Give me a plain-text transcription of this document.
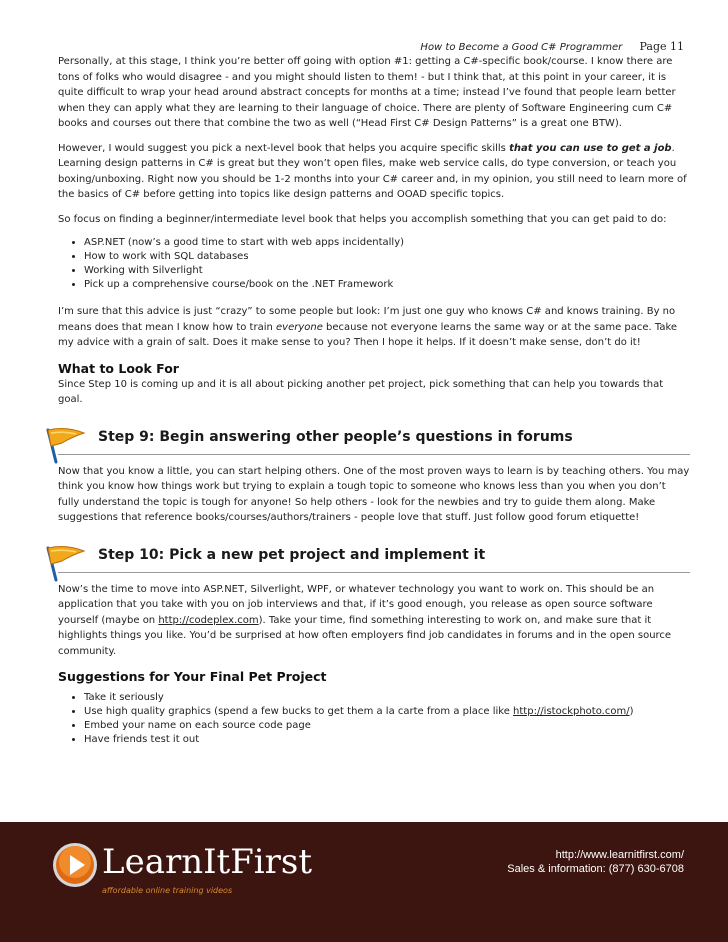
How to Become a Good C# Programmer Page 11

Personally, at this stage, I think you’re better off going with option #1: getting a C#-specific book/course. I know there are tons of folks who would disagree - and you might should listen to them! - but I think that, at this point in your career, it is quite difficult to wrap your head around abstract concepts for months at a time; instead I’ve found that people learn better when they can apply what they are learning to their language of choice. There are plenty of Software Engineering cum C# books and courses out there that combine the two as well (“Head First C# Design Patterns” is a great one BTW).

However, I would suggest you pick a next-level book that helps you acquire specific skills that you can use to get a job. Learning design patterns in C# is great but they won’t open files, make web service calls, do type conversion, or teach you boxing/unboxing. Right now you should be 1-2 months into your C# career and, in my opinion, you still need to learn more of the basics of C# before getting into topics like design patterns and OOAD specific topics.

So focus on finding a beginner/intermediate level book that helps you accomplish something that you can get paid to do:

• ASP.NET (now’s a good time to start with web apps incidentally)
• How to work with SQL databases
• Working with Silverlight
• Pick up a comprehensive course/book on the .NET Framework

I’m sure that this advice is just “crazy” to some people but look: I’m just one guy who knows C# and knows training. By no means does that mean I know how to train everyone because not everyone learns the same way or at the same pace. Take my advice with a grain of salt. Does it make sense to you? Then I hope it helps. If it doesn’t make sense, don’t do it!

What to Look For

Since Step 10 is coming up and it is all about picking another pet project, pick something that can help you towards that goal.

Step 9: Begin answering other people’s questions in forums

Now that you know a little, you can start helping others. One of the most proven ways to learn is by teaching others. You may think you know how things work but trying to explain a tough topic to someone who knows less than you when you don’t fully understand the topic is tough for anyone! So help others - look for the newbies and try to guide them along. Make suggestions that reference books/courses/authors/trainers - people love that stuff. Just follow good forum etiquette!

Step 10: Pick a new pet project and implement it

Now’s the time to move into ASP.NET, Silverlight, WPF, or whatever technology you want to work on. This should be an application that you take with you on job interviews and that, if it’s good enough, you release as open source software yourself (maybe on http://codeplex.com). Take your time, find something interesting to work on, and make sure that it highlights things you like. You’d be surprised at how often employers find job candidates in forums and in the open source community.

Suggestions for Your Final Pet Project
• Take it seriously
• Use high quality graphics (spend a few bucks to get them a la carte from a place like http://istockphoto.com/)
• Embed your name on each source code page
• Have friends test it out
LearnItFirst
affordable online training videos
http://www.learnitfirst.com/
Sales & information: (877) 630-6708
